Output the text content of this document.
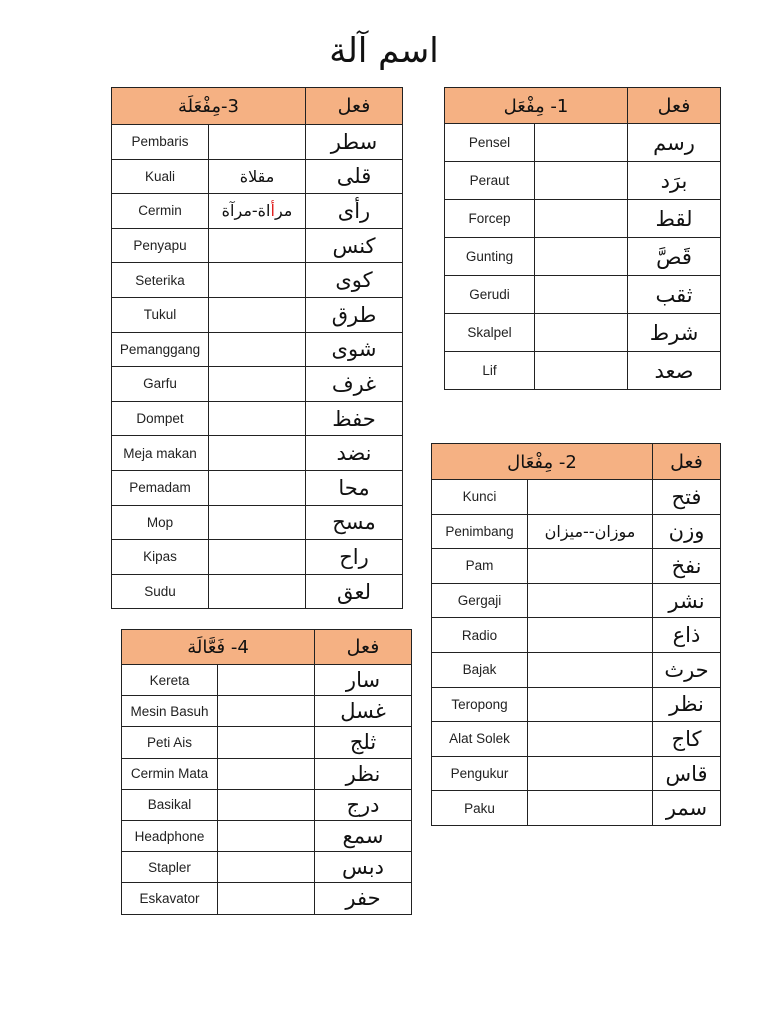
اسم آلة
1- مِفْعَل		فعل
Pensel		رسم
Peraut		برَد
Forcep		لقط
Gunting		قَصَّ
Gerudi		ثقب
Skalpel		شرط
Lif		صعد
2- مِفْعَال		فعل
Kunci		فتح
Penimbang	موزان--ميزان	وزن
Pam		نفخ
Gergaji		نشر
Radio		ذاع
Bajak		حرث
Teropong		نظر
Alat Solek		كاج
Pengukur		قاس
Paku		سمر
3-مِفْعَلَة		فعل
Pembaris		سطر
Kuali	مقلاة	قلى
Cermin	مرأاة-مرآة	رأى
Penyapu		كنس
Seterika		كوى
Tukul		طرق
Pemanggang		شوى
Garfu		غرف
Dompet		حفظ
Meja makan		نضد
Pemadam		محا
Mop		مسح
Kipas		راح
Sudu		لعق
4- فَعَّالَة		فعل
Kereta		سار
Mesin Basuh		غسل
Peti Ais		ثلج
Cermin Mata		نظر
Basikal		درج
Headphone		سمع
Stapler		دبس
Eskavator		حفر
